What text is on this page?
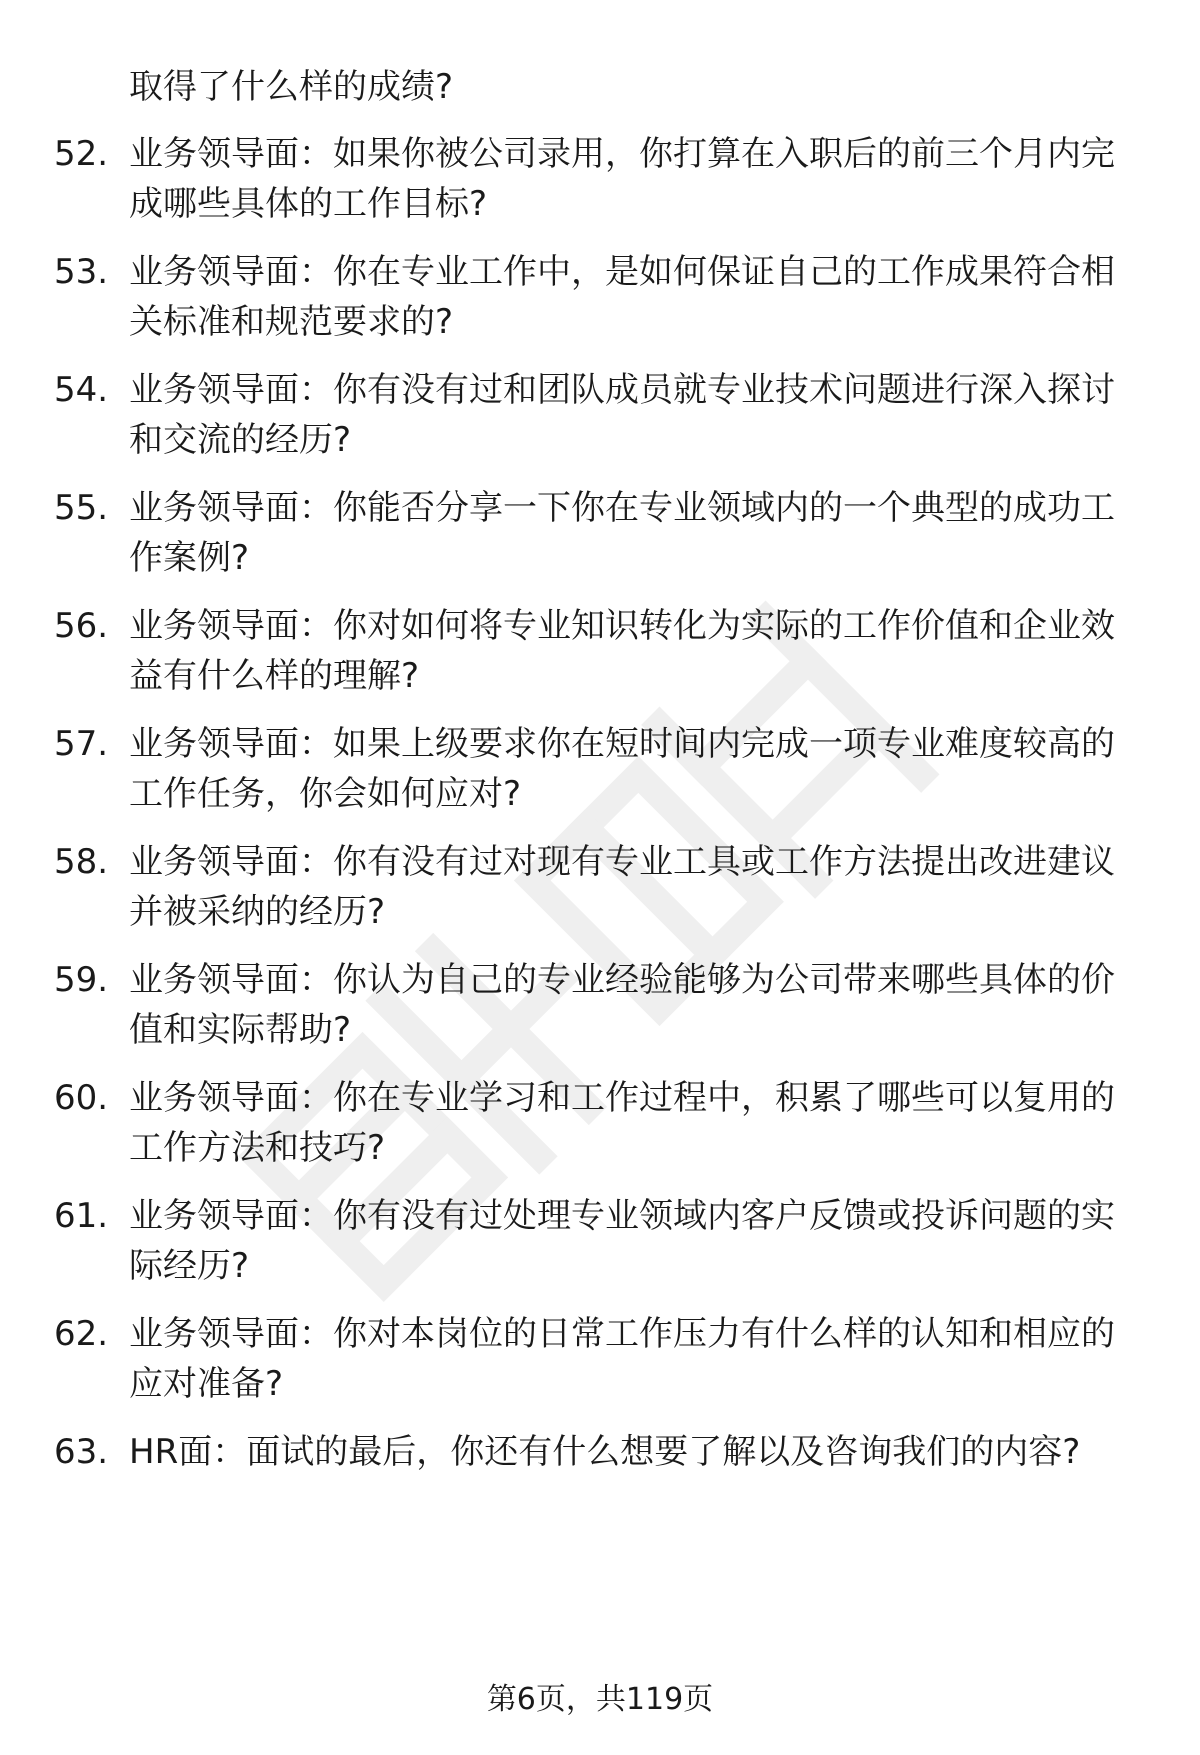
取得了什么样的成绩?
52. 业务领导面：如果你被公司录用，你打算在入职后的前三个月内完成哪些具体的工作目标?
53. 业务领导面：你在专业工作中，是如何保证自己的工作成果符合相关标准和规范要求的?
54. 业务领导面：你有没有过和团队成员就专业技术问题进行深入探讨和交流的经历?
55. 业务领导面：你能否分享一下你在专业领域内的一个典型的成功工作案例?
56. 业务领导面：你对如何将专业知识转化为实际的工作价值和企业效益有什么样的理解?
57. 业务领导面：如果上级要求你在短时间内完成一项专业难度较高的工作任务，你会如何应对?
58. 业务领导面：你有没有过对现有专业工具或工作方法提出改进建议并被采纳的经历?
59. 业务领导面：你认为自己的专业经验能够为公司带来哪些具体的价值和实际帮助?
60. 业务领导面：你在专业学习和工作过程中，积累了哪些可以复用的工作方法和技巧?
61. 业务领导面：你有没有过处理专业领域内客户反馈或投诉问题的实际经历?
62. 业务领导面：你对本岗位的日常工作压力有什么样的认知和相应的应对准备?
63. HR面：面试的最后，你还有什么想要了解以及咨询我们的内容?
第6页，共119页
